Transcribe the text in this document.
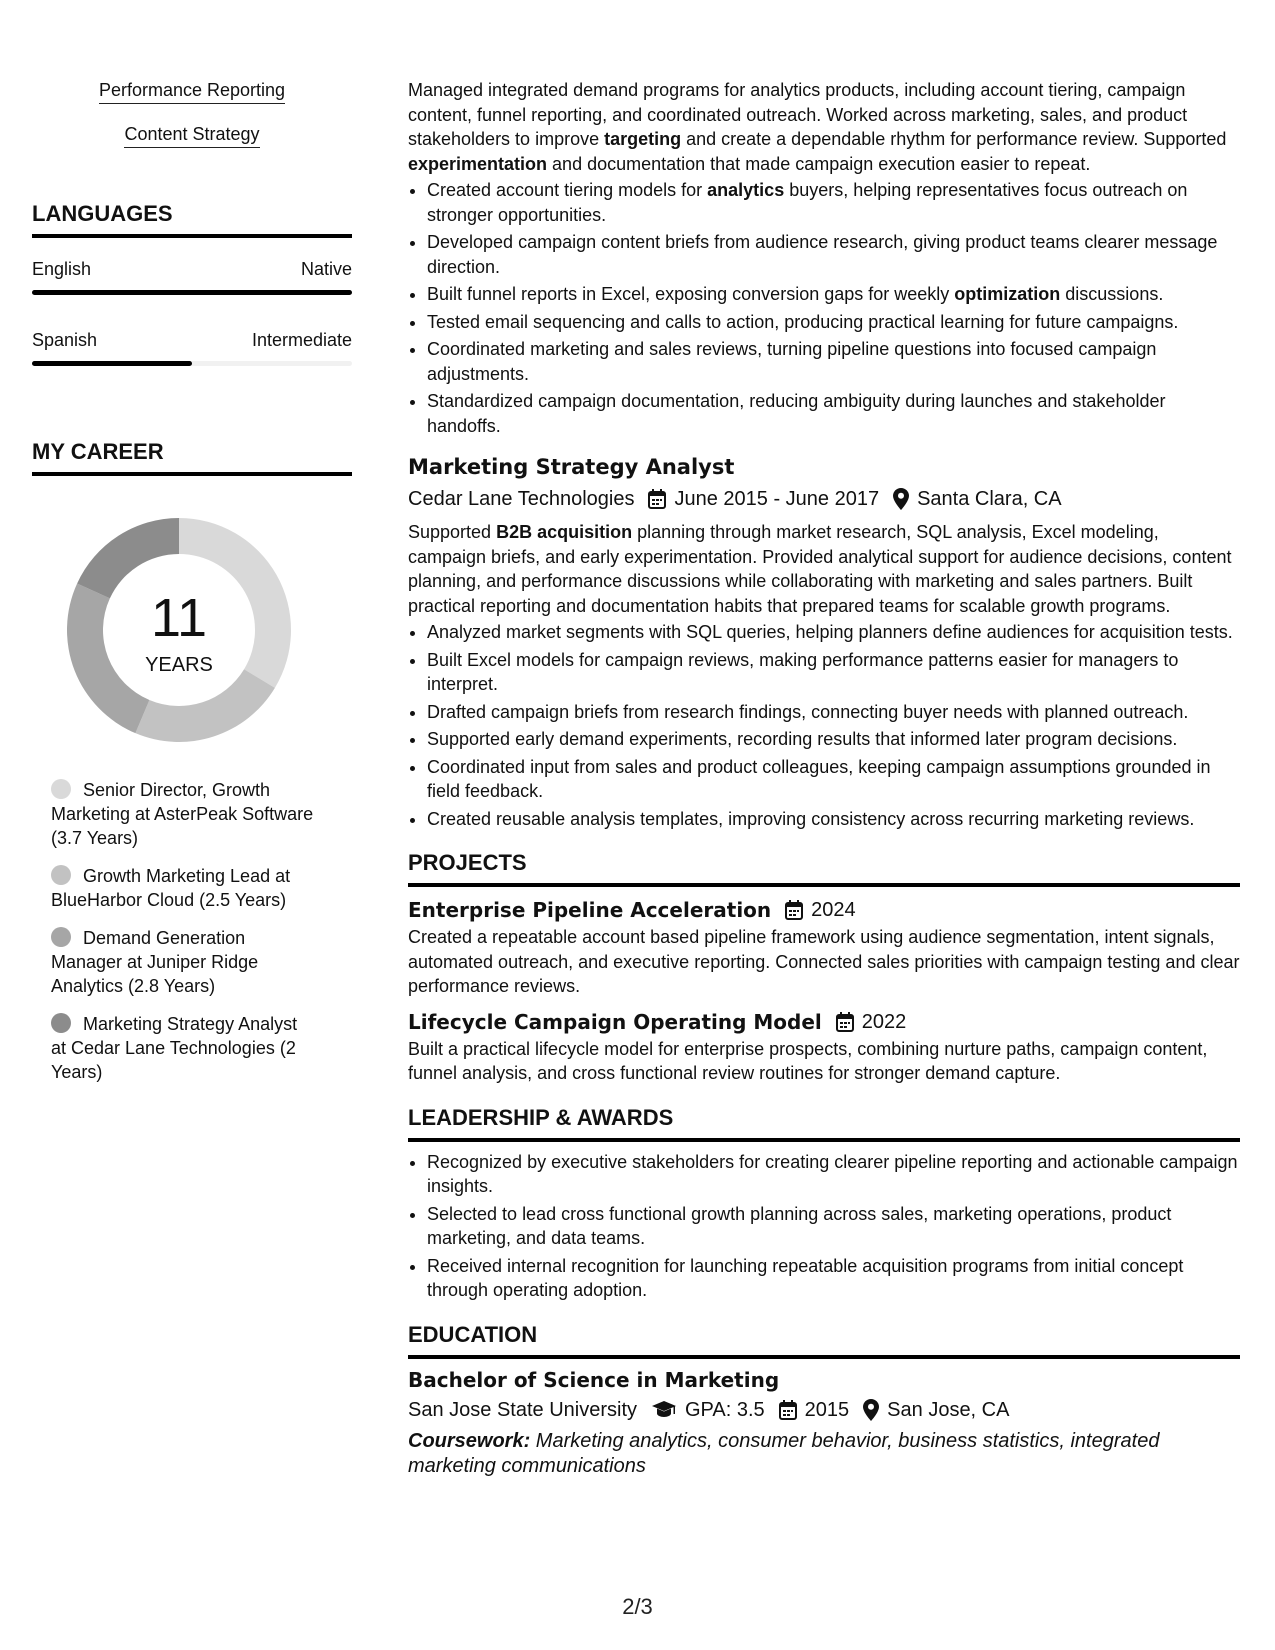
Performance Reporting
Content Strategy
LANGUAGES
English	Native
Spanish	Intermediate
MY CAREER
11
YEARS
Senior Director, Growth Marketing at AsterPeak Software (3.7 Years)
Growth Marketing Lead at BlueHarbor Cloud (2.5 Years)
Demand Generation Manager at Juniper Ridge Analytics (2.8 Years)
Marketing Strategy Analyst at Cedar Lane Technologies (2 Years)

Managed integrated demand programs for analytics products, including account tiering, campaign content, funnel reporting, and coordinated outreach. Worked across marketing, sales, and product stakeholders to improve targeting and create a dependable rhythm for performance review. Supported experimentation and documentation that made campaign execution easier to repeat.

• Created account tiering models for analytics buyers, helping representatives focus outreach on stronger opportunities.
• Developed campaign content briefs from audience research, giving product teams clearer message direction.
• Built funnel reports in Excel, exposing conversion gaps for weekly optimization discussions.
• Tested email sequencing and calls to action, producing practical learning for future campaigns.
• Coordinated marketing and sales reviews, turning pipeline questions into focused campaign adjustments.
• Standardized campaign documentation, reducing ambiguity during launches and stakeholder handoffs.
Marketing Strategy Analyst
Cedar Lane Technologies June 2015 - June 2017 Santa Clara, CA

Supported B2B acquisition planning through market research, SQL analysis, Excel modeling, campaign briefs, and early experimentation. Provided analytical support for audience decisions, content planning, and performance discussions while collaborating with marketing and sales partners. Built practical reporting and documentation habits that prepared teams for scalable growth programs.

• Analyzed market segments with SQL queries, helping planners define audiences for acquisition tests.
• Built Excel models for campaign reviews, making performance patterns easier for managers to interpret.
• Drafted campaign briefs from research findings, connecting buyer needs with planned outreach.
• Supported early demand experiments, recording results that informed later program decisions.
• Coordinated input from sales and product colleagues, keeping campaign assumptions grounded in field feedback.
• Created reusable analysis templates, improving consistency across recurring marketing reviews.
PROJECTS
Enterprise Pipeline Acceleration 2024

Created a repeatable account based pipeline framework using audience segmentation, intent signals, automated outreach, and executive reporting. Connected sales priorities with campaign testing and clear performance reviews.

Lifecycle Campaign Operating Model 2022

Built a practical lifecycle model for enterprise prospects, combining nurture paths, campaign content, funnel analysis, and cross functional review routines for stronger demand capture.

LEADERSHIP & AWARDS
• Recognized by executive stakeholders for creating clearer pipeline reporting and actionable campaign insights.
• Selected to lead cross functional growth planning across sales, marketing operations, product marketing, and data teams.
• Received internal recognition for launching repeatable acquisition programs from initial concept through operating adoption.
EDUCATION
Bachelor of Science in Marketing
San Jose State University GPA: 3.5 2015 San Jose, CA
Coursework: Marketing analytics, consumer behavior, business statistics, integrated marketing communications
2/3
